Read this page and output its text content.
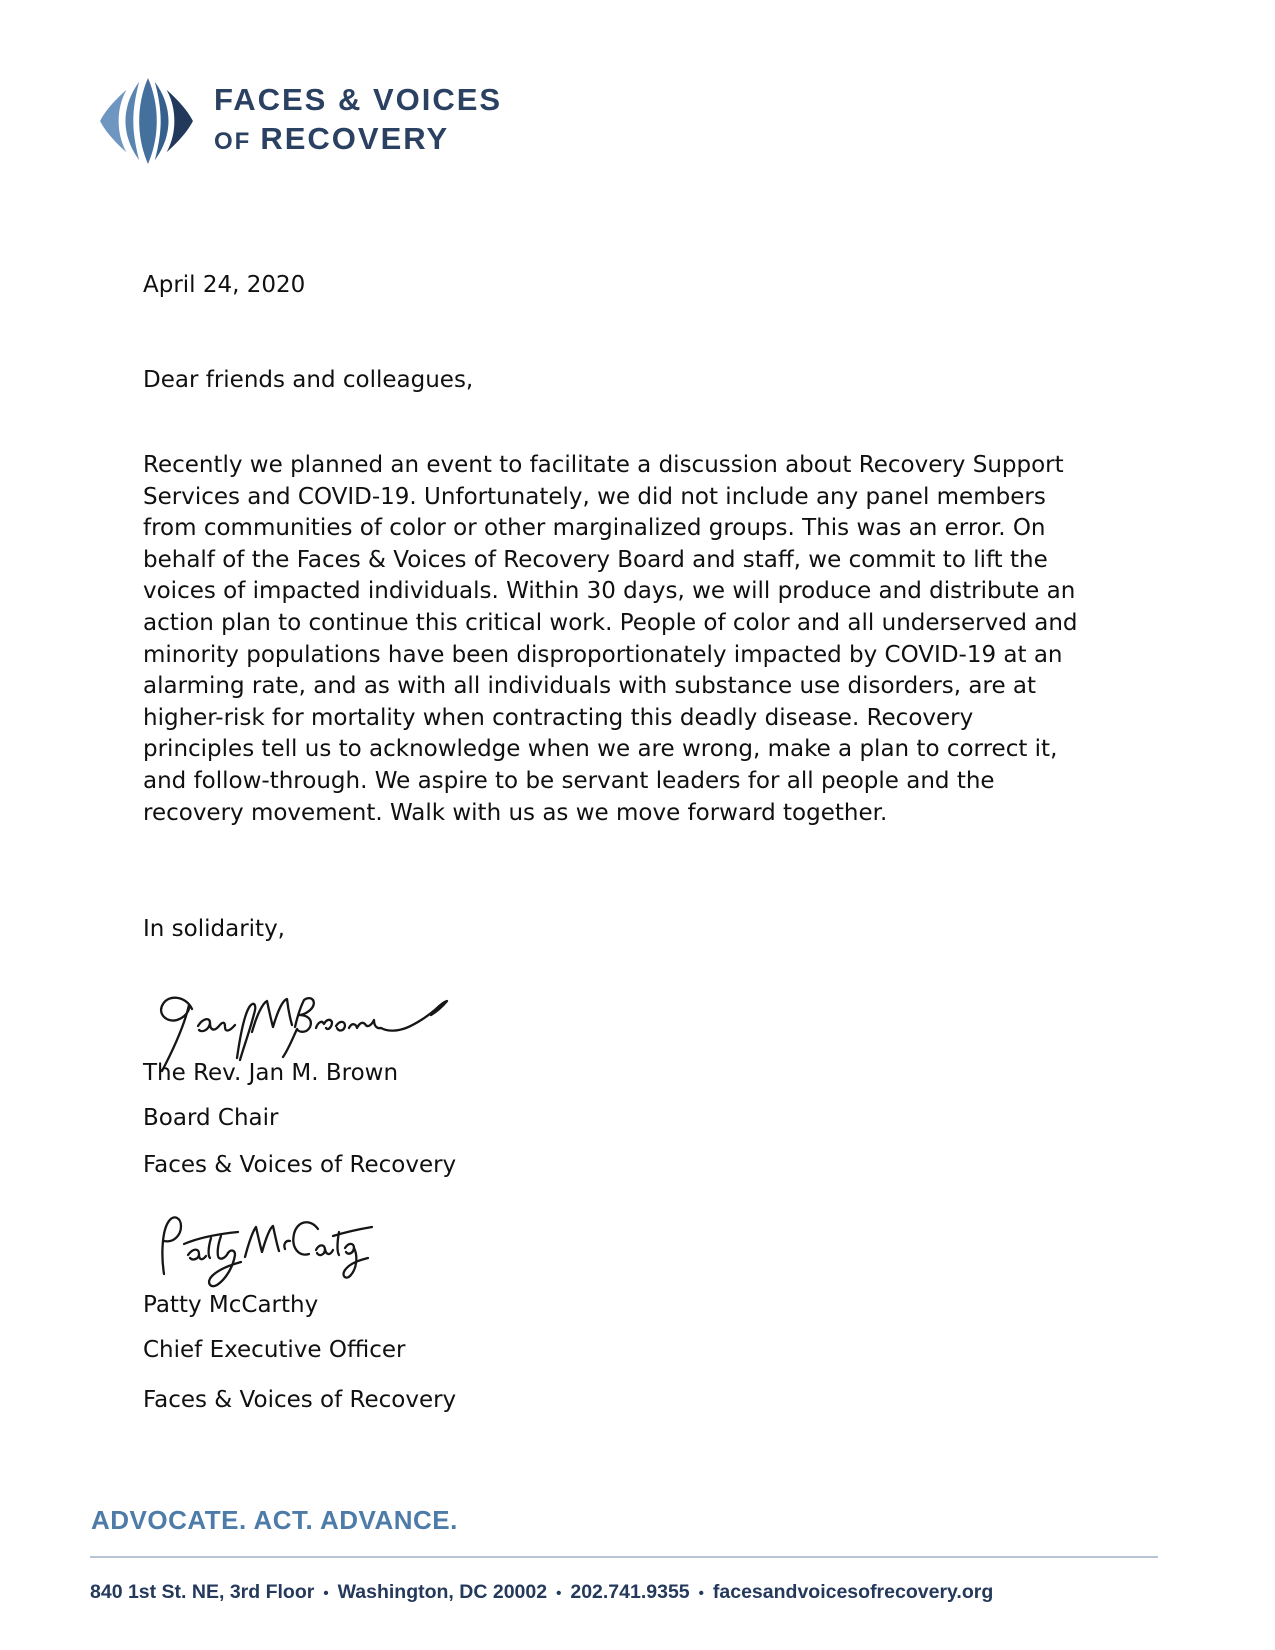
FACES & VOICES
OF RECOVERY
April 24, 2020
Dear friends and colleagues,
Recently we planned an event to facilitate a discussion about Recovery Support Services and COVID-19. Unfortunately, we did not include any panel members from communities of color or other marginalized groups. This was an error. On behalf of the Faces & Voices of Recovery Board and staff, we commit to lift the voices of impacted individuals. Within 30 days, we will produce and distribute an action plan to continue this critical work. People of color and all underserved and minority populations have been disproportionately impacted by COVID-19 at an alarming rate, and as with all individuals with substance use disorders, are at higher-risk for mortality when contracting this deadly disease. Recovery principles tell us to acknowledge when we are wrong, make a plan to correct it, and follow-through. We aspire to be servant leaders for all people and the recovery movement. Walk with us as we move forward together.
In solidarity,
The Rev. Jan M. Brown
Board Chair
Faces & Voices of Recovery
Patty McCarthy
Chief Executive Officer
Faces & Voices of Recovery
ADVOCATE. ACT. ADVANCE.
840 1st St. NE, 3rd Floor • Washington, DC 20002 • 202.741.9355 • facesandvoicesofrecovery.org
